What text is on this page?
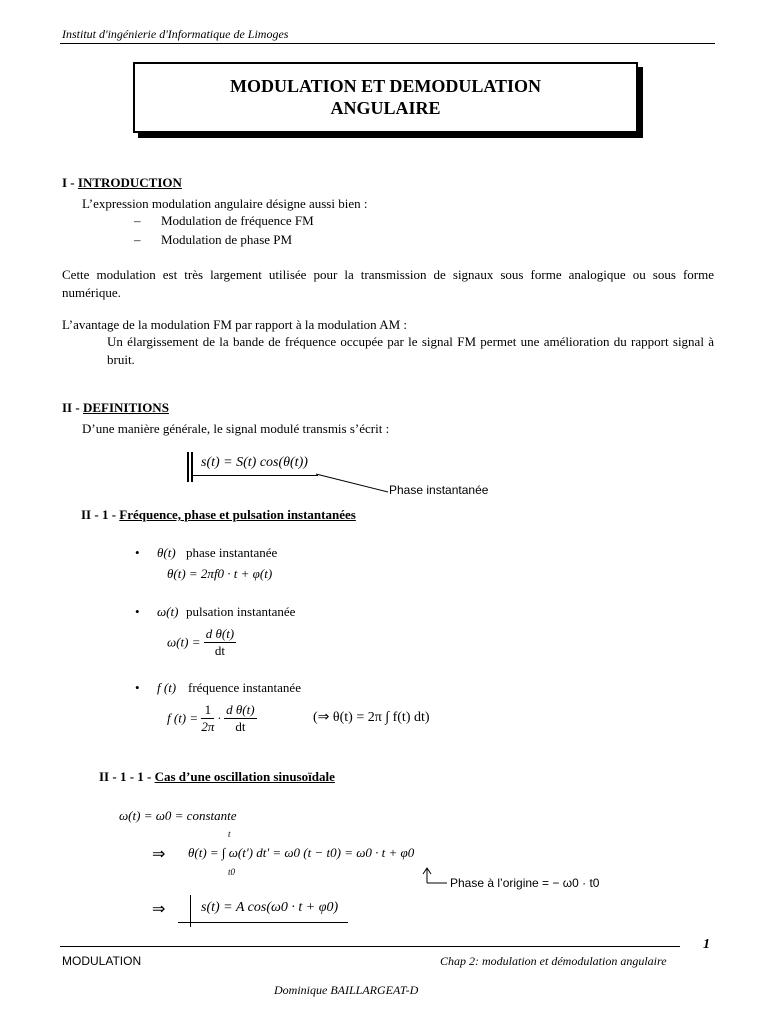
Institut d'ingénierie d'Informatique de Limoges
MODULATION ET DEMODULATION
ANGULAIRE
I - INTRODUCTION
L’expression modulation angulaire désigne aussi bien :
– Modulation de fréquence FM
– Modulation de phase PM
Cette modulation est très largement utilisée pour la transmission de signaux sous forme analogique ou sous forme numérique.
L’avantage de la modulation FM par rapport à la modulation AM :
Un élargissement de la bande de fréquence occupée par le signal FM permet une amélioration du rapport signal à bruit.
II - DEFINITIONS
D’une manière générale, le signal modulé transmis s’écrit :
s(t) = S(t) cos(θ(t))
Phase instantanée
II - 1 - Fréquence, phase et pulsation instantanées
• θ(t) phase instantanée
θ(t) = 2πf0 · t + φ(t)
• ω(t) pulsation instantanée
$\omega(t) = \frac{\text{d θ(t)}}{dt}$
• f (t) fréquence instantanée
f $(t) = \frac{1}{2\pi} \cdot \frac{\text{d θ(t)}}{dt}$	(⇒ θ(t) = 2π ∫ f(t) dt)
II - 1 - 1 - Cas d’une oscillation sinusoïdale
ω(t) = ω0 = constante
⇒
t
θ(t) = ∫ ω(t') dt' = ω0 (t − t0) = ω0 · t + φ0
t0
Phase à l’origine = − ω0 · t0
⇒	s(t) = A cos(ω0 · t + φ0)
1
MODULATION	Chap 2: modulation et démodulation angulaire
Dominique BAILLARGEAT-D
